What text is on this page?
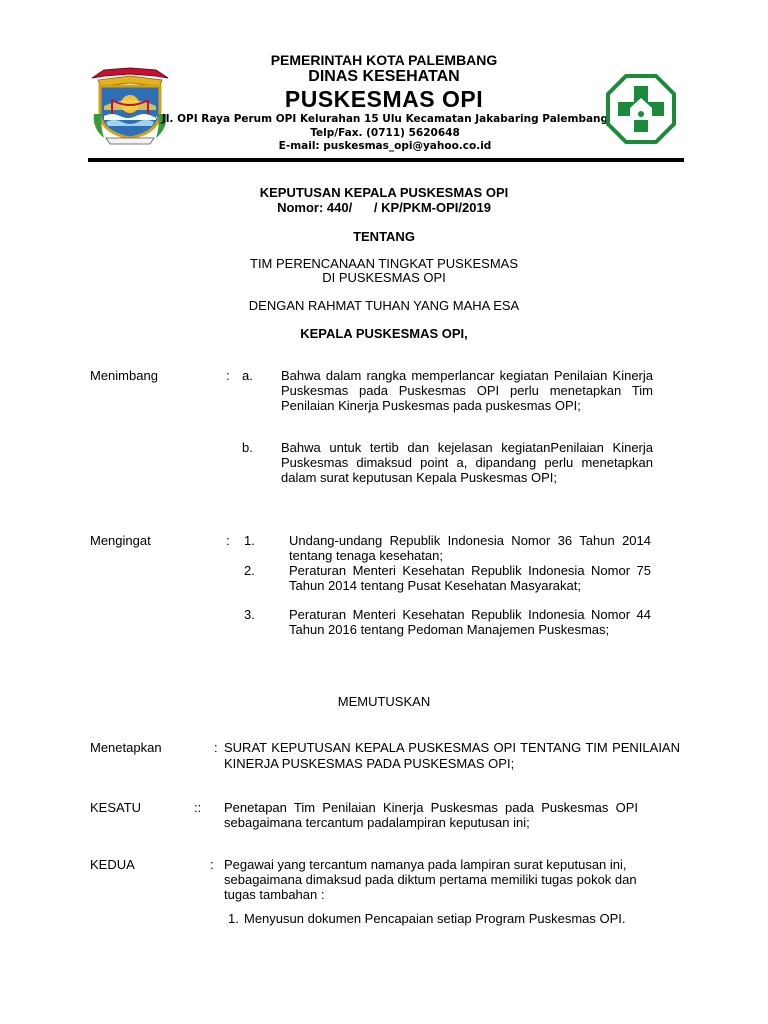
PEMERINTAH KOTA PALEMBANG
DINAS KESEHATAN
PUSKESMAS OPI
Jl. OPI Raya Perum OPI Kelurahan 15 Ulu Kecamatan Jakabaring Palembang
Telp/Fax. (0711) 5620648
E-mail: puskesmas_opi@yahoo.co.id
KEPUTUSAN KEPALA PUSKESMAS OPI
Nomor: 440/      / KP/PKM-OPI/2019
TENTANG
TIM PERENCANAAN TINGKAT PUSKESMAS
DI PUSKESMAS OPI
DENGAN RAHMAT TUHAN YANG MAHA ESA
KEPALA PUSKESMAS OPI,
Menimbang	: a. Bahwa dalam rangka memperlancar kegiatan Penilaian Kinerja Puskesmas pada Puskesmas OPI perlu menetapkan Tim Penilaian Kinerja Puskesmas pada puskesmas OPI;
b. Bahwa untuk tertib dan kejelasan kegiatanPenilaian Kinerja Puskesmas dimaksud point a, dipandang perlu menetapkan dalam surat keputusan Kepala Puskesmas OPI;
Mengingat	: 1.	Undang-undang Republik Indonesia Nomor 36 Tahun 2014 tentang tenaga kesehatan;
2.	Peraturan Menteri Kesehatan Republik Indonesia Nomor 75 Tahun 2014 tentang Pusat Kesehatan Masyarakat;
3.	Peraturan Menteri Kesehatan Republik Indonesia Nomor 44 Tahun 2016 tentang Pedoman Manajemen Puskesmas;
MEMUTUSKAN
Menetapkan	: SURAT KEPUTUSAN KEPALA PUSKESMAS OPI TENTANG TIM PENILAIAN KINERJA PUSKESMAS PADA PUSKESMAS OPI;
KESATU	:: Penetapan Tim Penilaian Kinerja Puskesmas pada Puskesmas OPI sebagaimana tercantum padalampiran keputusan ini;
KEDUA	: Pegawai yang tercantum namanya pada lampiran surat keputusan ini, sebagaimana dimaksud pada diktum pertama memiliki tugas pokok dan tugas tambahan :
1. Menyusun dokumen Pencapaian setiap Program Puskesmas OPI.
